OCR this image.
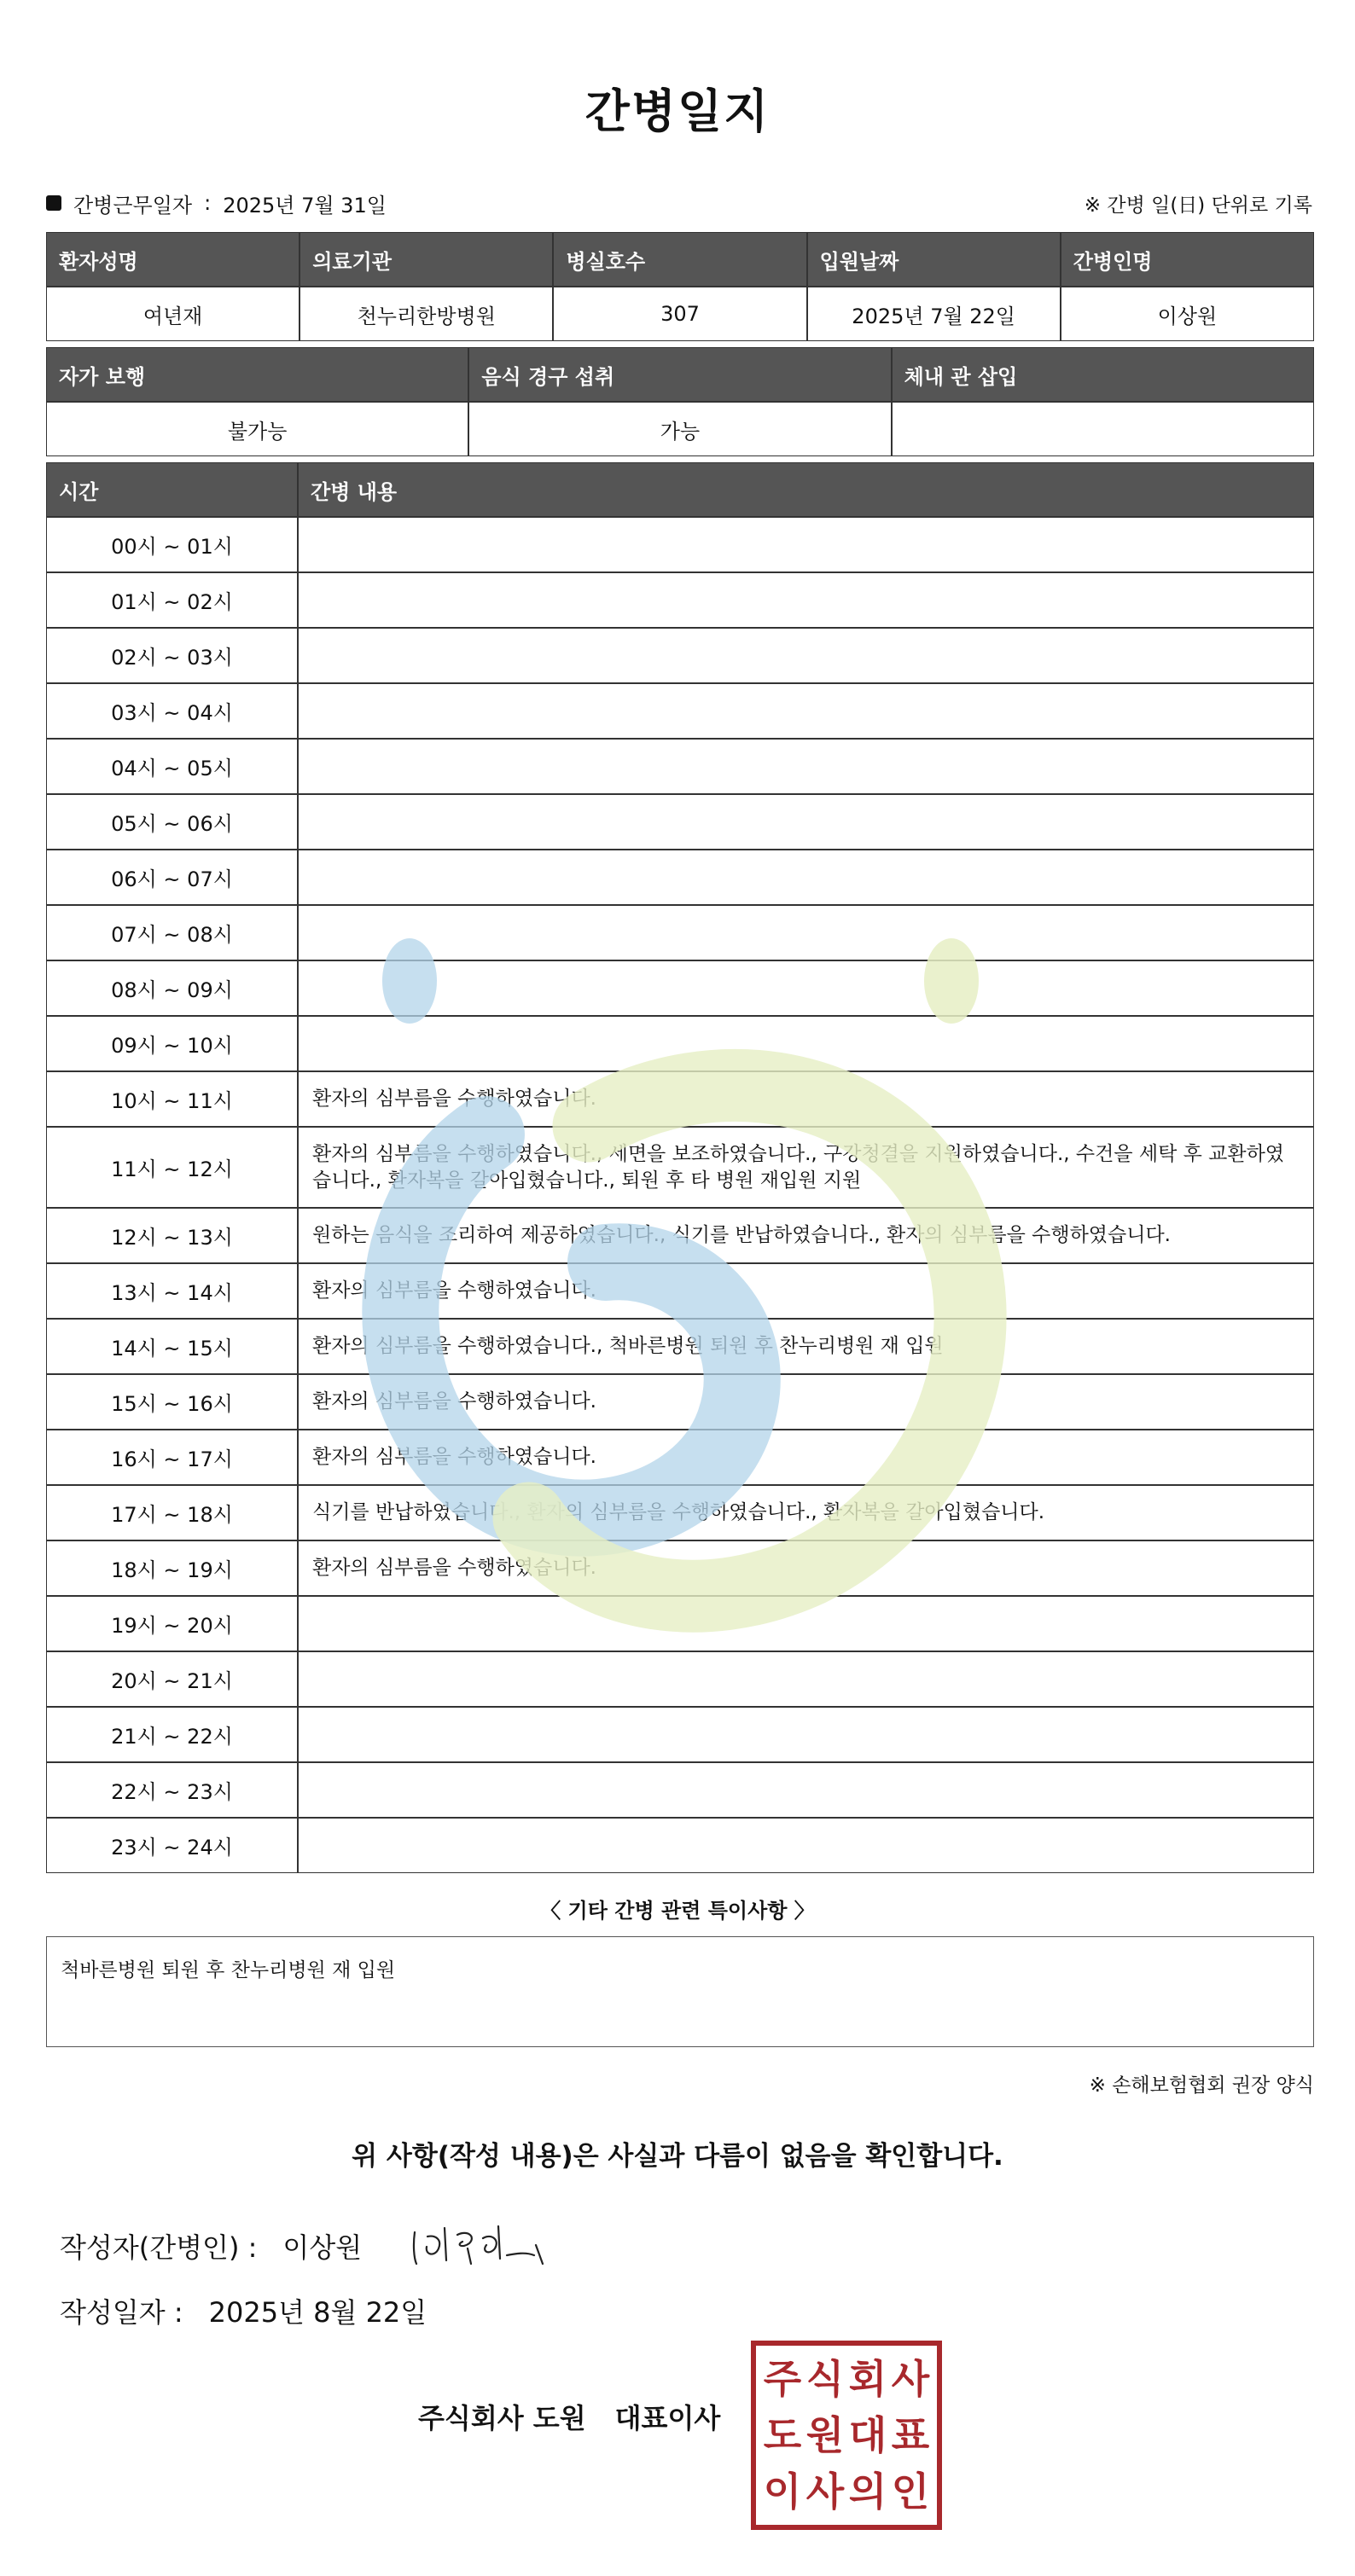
간병일지
간병근무일자 : 2025년 7월 31일	※ 간병 일(日) 단위로 기록
환자성명	의료기관	병실호수	입원날짜	간병인명
여년재	천누리한방병원	307	2025년 7월 22일	이상원
자가 보행	음식 경구 섭취	체내 관 삽입
불가능	가능	
시간	간병 내용
00시 ~ 01시	
01시 ~ 02시	
02시 ~ 03시	
03시 ~ 04시	
04시 ~ 05시	
05시 ~ 06시	
06시 ~ 07시	
07시 ~ 08시	
08시 ~ 09시	
09시 ~ 10시	
10시 ~ 11시	환자의 심부름을 수행하였습니다.
11시 ~ 12시	환자의 심부름을 수행하였습니다., 세면을 보조하였습니다., 구강청결을 지원하였습니다., 수건을 세탁 후 교환하였습니다., 환자복을 갈아입혔습니다., 퇴원 후 타 병원 재입원 지원
12시 ~ 13시	원하는 음식을 조리하여 제공하였습니다., 식기를 반납하였습니다., 환자의 심부름을 수행하였습니다.
13시 ~ 14시	환자의 심부름을 수행하였습니다.
14시 ~ 15시	환자의 심부름을 수행하였습니다., 척바른병원 퇴원 후 찬누리병원 재 입원
15시 ~ 16시	환자의 심부름을 수행하였습니다.
16시 ~ 17시	환자의 심부름을 수행하였습니다.
17시 ~ 18시	식기를 반납하였습니다., 환자의 심부름을 수행하였습니다., 환자복을 갈아입혔습니다.
18시 ~ 19시	환자의 심부름을 수행하였습니다.
19시 ~ 20시	
20시 ~ 21시	
21시 ~ 22시	
22시 ~ 23시	
23시 ~ 24시	
〈 기타 간병 관련 특이사항 〉
척바른병원 퇴원 후 찬누리병원 재 입원
※ 손해보험협회 권장 양식
위 사항(작성 내용)은 사실과 다름이 없음을 확인합니다.
작성자(간병인) : 이상원
작성일자 : 2025년 8월 22일
주식회사 도원 대표이사
주 식 회 사
도 원 대 표
이 사 의 인
